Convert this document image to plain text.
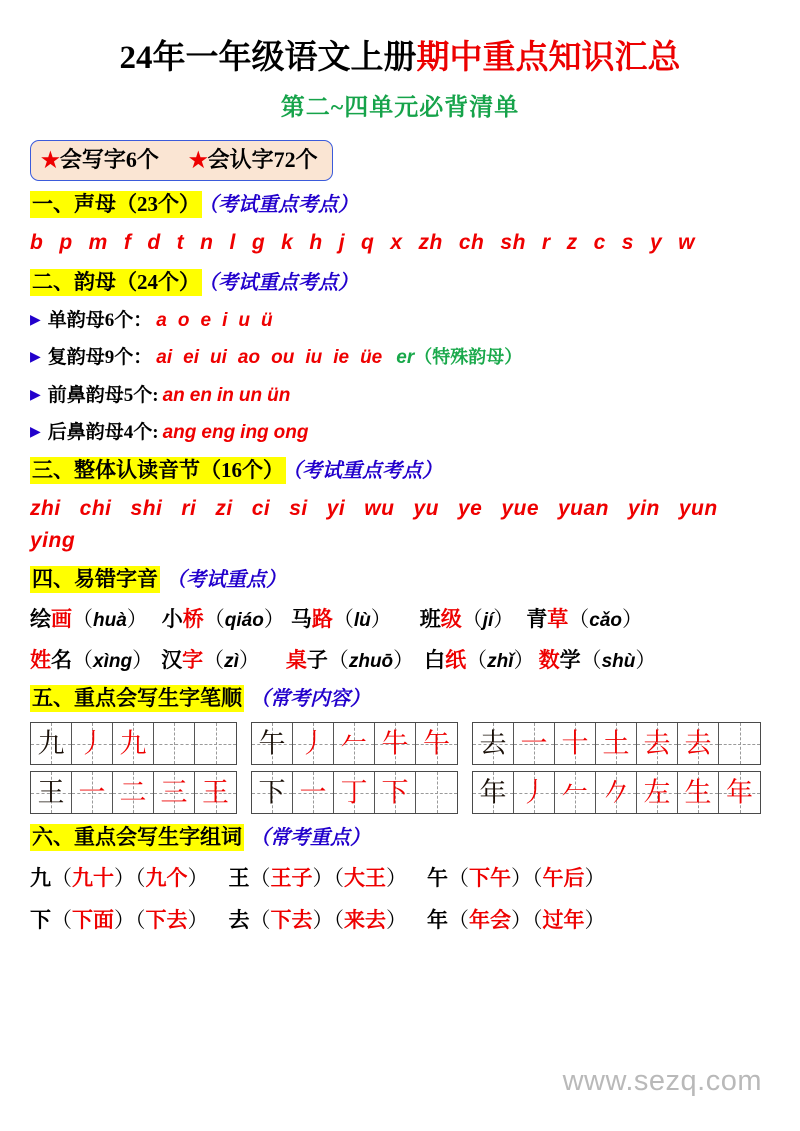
24年一年级语文上册期中重点知识汇总
第二~四单元必背清单
★会写字6个 ★会认字72个
一、声母（23个） （考试重点考点）
b p m f d t n l g k h j q x zh ch sh r z c s y w
二、韵母（24个） （考试重点考点）
▶ 单韵母6个： a o e i u ü
▶ 复韵母9个： ai ei ui ao ou iu ie üe er（特殊韵母）
▶ 前鼻韵母5个: an en in un ün
▶ 后鼻韵母4个: ang eng ing ong
三、整体认读音节（16个） （考试重点考点）
zhi chi shi ri zi ci si yi wu yu ye yue yuan yin yunying
四、易错字音 （考试重点）
绘画（huà） 小桥（qiáo） 马路（lù） 班级（jí） 青草（cǎo）
姓名（xìng） 汉字（zì） 桌子（zhuō） 白纸（zhǐ） 数学（shù）
五、重点会写生字笔顺 （常考内容）
九 丿 九
王 一 二 三 王
午 丿 𠂉 牛 午
下 一 丁 下
去 一 十 土 去 去
年 丿 𠂉 𠂊 左 生 年
六、重点会写生字组词 （常考重点）
九（九十）（九个） 王（王子）（大王） 午（下午）（午后）
下（下面）（下去） 去（下去）（来去） 年（年会）（过年）
www.sezq.com
